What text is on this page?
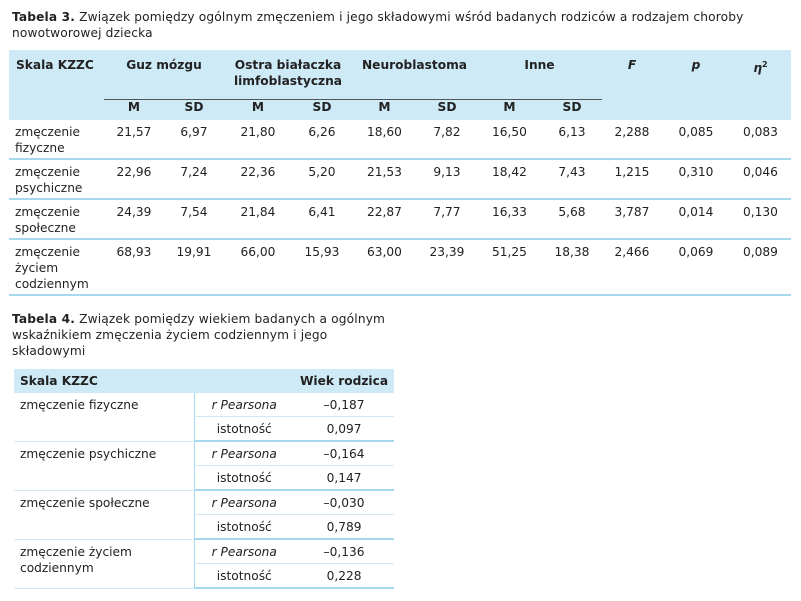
Tabela 3. Związek pomiędzy ogólnym zmęczeniem i jego składowymi wśród badanych rodziców a rodzajem choroby nowotworowej dziecka
Skala KZZC	Guz mózgu		Ostra białaczka limfoblastyczna		Neuroblastoma		Inne		F	p	$\eta^2$
	M	SD	M	SD	M	SD	M	SD			
zmęczenie fizyczne	21,57	6,97	21,80	6,26	18,60	7,82	16,50	6,13	2,288	0,085	0,083
zmęczenie psychiczne	22,96	7,24	22,36	5,20	21,53	9,13	18,42	7,43	1,215	0,310	0,046
zmęczenie społeczne	24,39	7,54	21,84	6,41	22,87	7,77	16,33	5,68	3,787	0,014	0,130
zmęczenie życiem codziennym	68,93	19,91	66,00	15,93	63,00	23,39	51,25	18,38	2,466	0,069	0,089
Tabela 4. Związek pomiędzy wiekiem badanych a ogólnym wskaźnikiem zmęczenia życiem codziennym i jego składowymi
Skala KZZC		Wiek rodzica
zmęczenie fizyczne	r Pearsona	–0,187
	istotność	0,097
zmęczenie psychiczne	r Pearsona	–0,164
	istotność	0,147
zmęczenie społeczne	r Pearsona	–0,030
	istotność	0,789
zmęczenie życiem codziennym	r Pearsona	–0,136
	istotność	0,228
